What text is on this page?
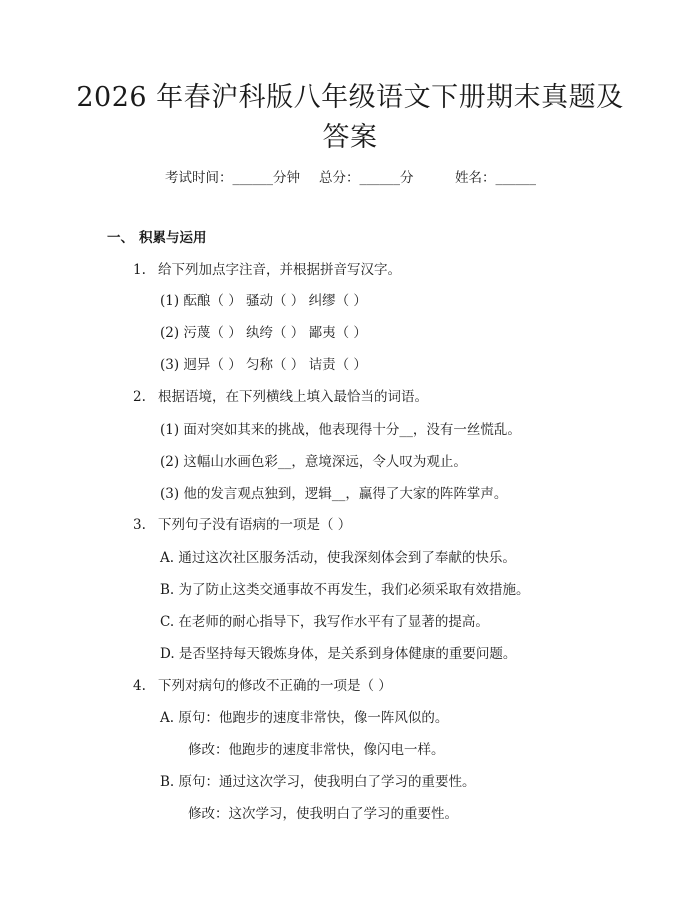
2026 年春沪科版八年级语文下册期末真题及
答案
考试时间：______分钟 总分：______分	姓名：______
一、 积累与运用
1. 给下列加点字注音，并根据拼音写汉字。
(1) 酝酿（ ） 骚动（ ） 纠缪（ ）
(2) 污蔑（ ） 纨绔（ ） 鄙夷（ ）
(3) 迥异（ ） 匀称（ ） 诘责（ ）
2. 根据语境，在下列横线上填入最恰当的词语。
(1) 面对突如其来的挑战，他表现得十分__，没有一丝慌乱。
(2) 这幅山水画色彩__，意境深远，令人叹为观止。
(3) 他的发言观点独到，逻辑__，赢得了大家的阵阵掌声。
3. 下列句子没有语病的一项是（ ）
A. 通过这次社区服务活动，使我深刻体会到了奉献的快乐。
B. 为了防止这类交通事故不再发生，我们必须采取有效措施。
C. 在老师的耐心指导下，我写作水平有了显著的提高。
D. 是否坚持每天锻炼身体，是关系到身体健康的重要问题。
4. 下列对病句的修改不正确的一项是（ ）
A. 原句：他跑步的速度非常快，像一阵风似的。
修改：他跑步的速度非常快，像闪电一样。
B. 原句：通过这次学习，使我明白了学习的重要性。
修改：这次学习，使我明白了学习的重要性。
